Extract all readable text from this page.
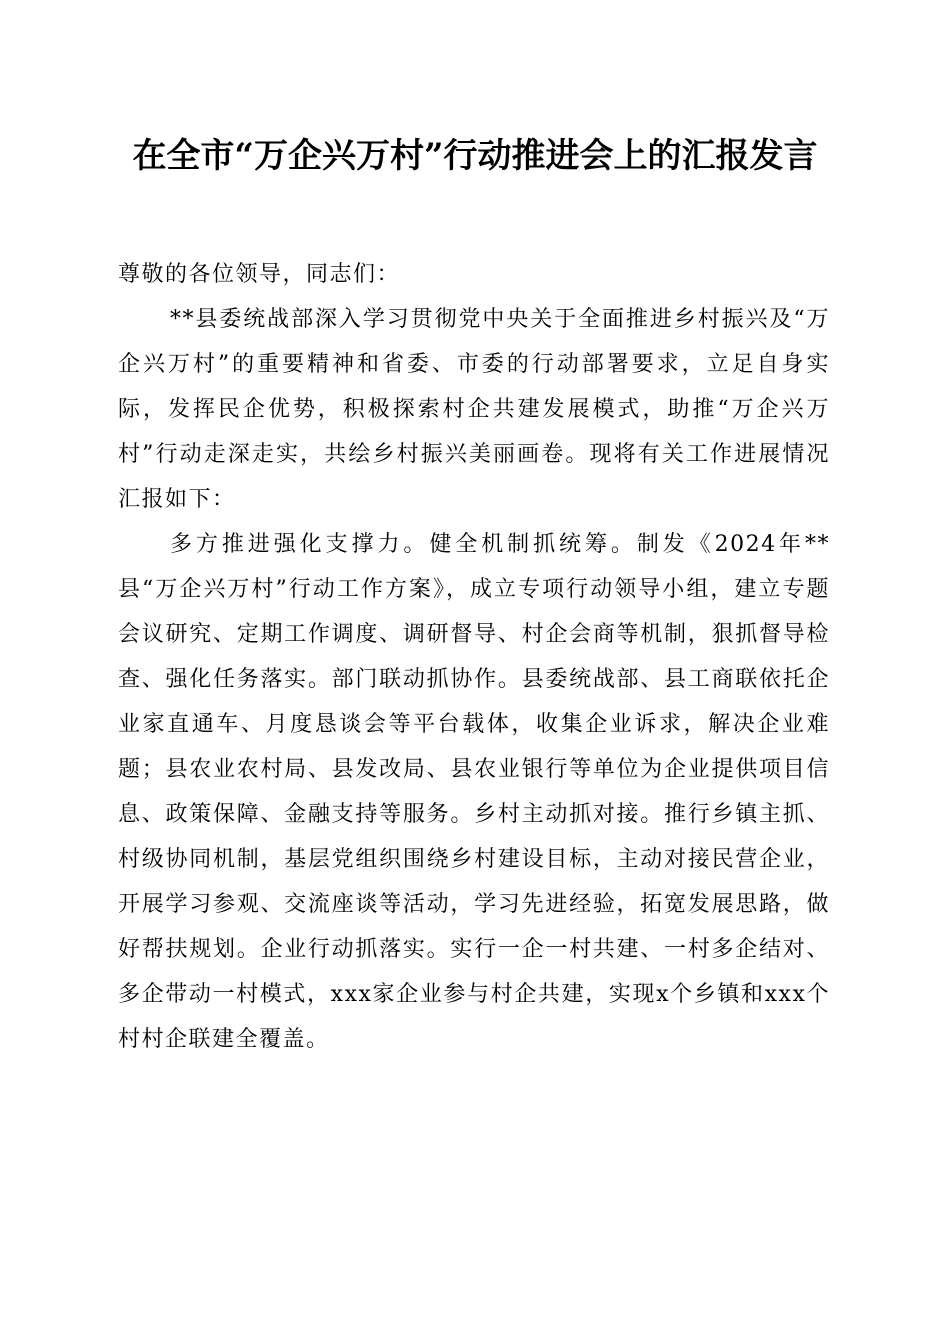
在全市“万企兴万村”行动推进会上的汇报发言

尊敬的各位领导，同志们：

**县委统战部深入学习贯彻党中央关于全面推进乡村振兴及“万企兴万村”的重要精神和省委、市委的行动部署要求，立足自身实际，发挥民企优势，积极探索村企共建发展模式，助推“万企兴万村”行动走深走实，共绘乡村振兴美丽画卷。现将有关工作进展情况汇报如下：

多方推进强化支撑力。健全机制抓统筹。制发《2024年**县“万企兴万村”行动工作方案》，成立专项行动领导小组，建立专题会议研究、定期工作调度、调研督导、村企会商等机制，狠抓督导检查、强化任务落实。部门联动抓协作。县委统战部、县工商联依托企业家直通车、月度恳谈会等平台载体，收集企业诉求，解决企业难题；县农业农村局、县发改局、县农业银行等单位为企业提供项目信息、政策保障、金融支持等服务。乡村主动抓对接。推行乡镇主抓、村级协同机制，基层党组织围绕乡村建设目标，主动对接民营企业，开展学习参观、交流座谈等活动，学习先进经验，拓宽发展思路，做好帮扶规划。企业行动抓落实。实行一企一村共建、一村多企结对、多企带动一村模式，xxx家企业参与村企共建，实现x个乡镇和xxx个村村企联建全覆盖。
